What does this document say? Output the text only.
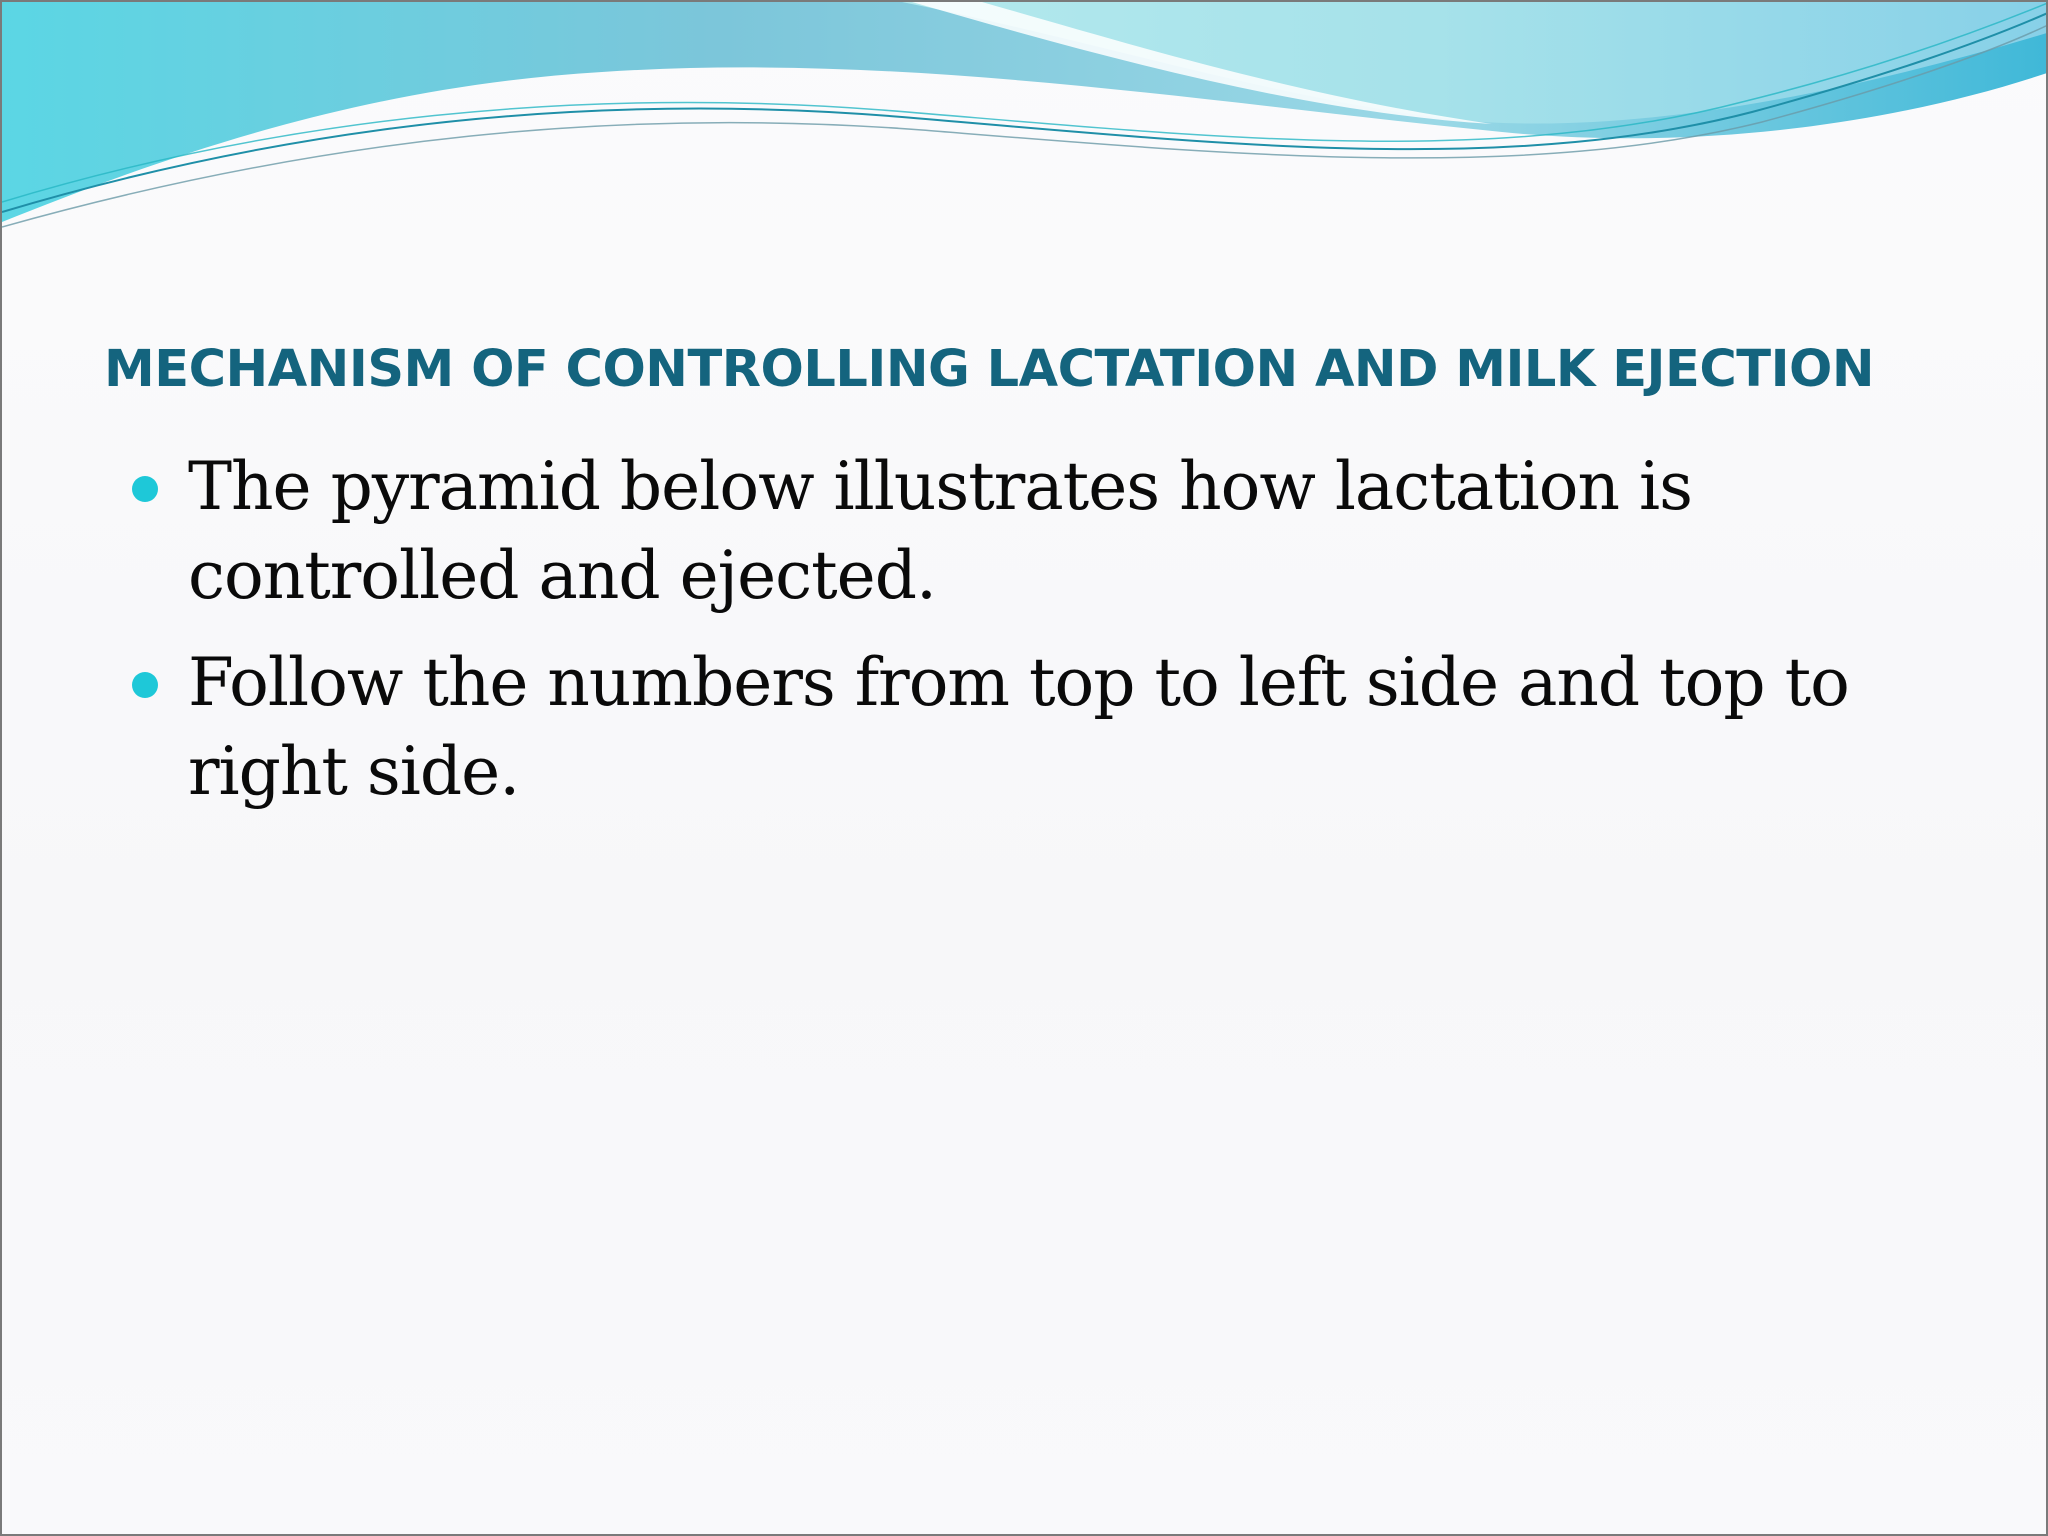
MECHANISM OF CONTROLLING LACTATION AND MILK EJECTION
The pyramid below illustrates how lactation is controlled and ejected.
Follow the numbers from top to left side and top to right side.
